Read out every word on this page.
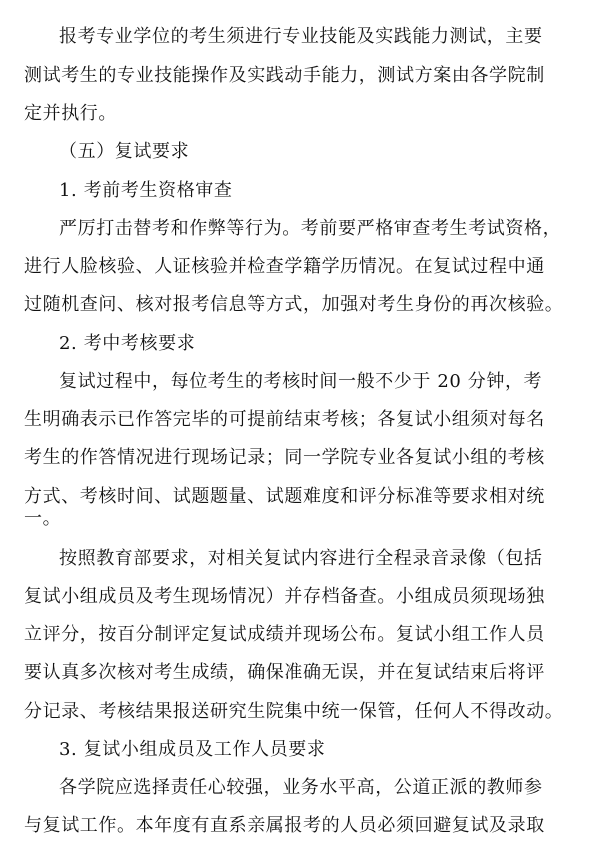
报考专业学位的考生须进行专业技能及实践能力测试，主要
测试考生的专业技能操作及实践动手能力，测试方案由各学院制
定并执行。
（五）复试要求
1. 考前考生资格审查
严厉打击替考和作弊等行为。考前要严格审查考生考试资格，
进行人脸核验、人证核验并检查学籍学历情况。在复试过程中通
过随机查问、核对报考信息等方式，加强对考生身份的再次核验。
2. 考中考核要求
复试过程中，每位考生的考核时间一般不少于 20 分钟，考
生明确表示已作答完毕的可提前结束考核；各复试小组须对每名
考生的作答情况进行现场记录；同一学院专业各复试小组的考核
方式、考核时间、试题题量、试题难度和评分标准等要求相对统
一。
按照教育部要求，对相关复试内容进行全程录音录像（包括
复试小组成员及考生现场情况）并存档备查。小组成员须现场独
立评分，按百分制评定复试成绩并现场公布。复试小组工作人员
要认真多次核对考生成绩，确保准确无误，并在复试结束后将评
分记录、考核结果报送研究生院集中统一保管，任何人不得改动。
3. 复试小组成员及工作人员要求
各学院应选择责任心较强，业务水平高，公道正派的教师参
与复试工作。本年度有直系亲属报考的人员必须回避复试及录取
